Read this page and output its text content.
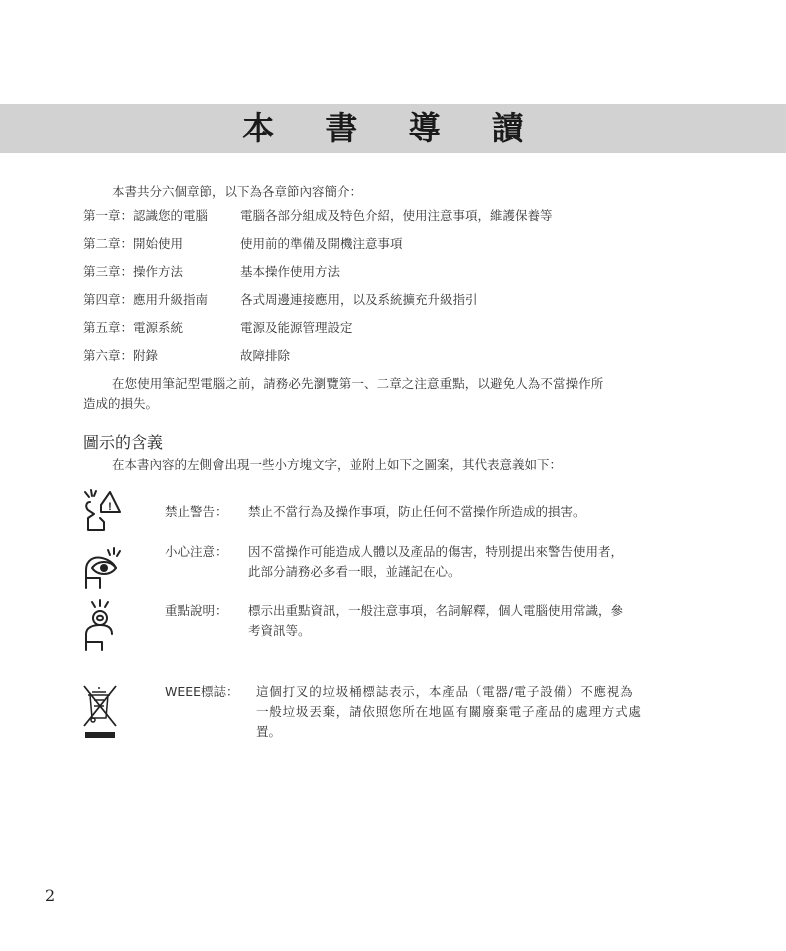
本 書 導 讀
本書共分六個章節，以下為各章節內容簡介：
第一章：認識您的電腦	電腦各部分組成及特色介紹，使用注意事項，維護保養等
第二章：開始使用	使用前的準備及開機注意事項
第三章：操作方法	基本操作使用方法
第四章：應用升級指南	各式周邊連接應用，以及系統擴充升級指引
第五章：電源系統	電源及能源管理設定
第六章：附錄	故障排除
在您使用筆記型電腦之前，請務必先瀏覽第一、二章之注意重點，以避免人為不當操作所
造成的損失。
圖示的含義
在本書內容的左側會出現一些小方塊文字，並附上如下之圖案，其代表意義如下：
!	禁止警告： 禁止不當行為及操作事項，防止任何不當操作所造成的損害。
小心注意： 因不當操作可能造成人體以及產品的傷害，特別提出來警告使用者，
此部分請務必多看一眼，並謹記在心。
重點說明： 標示出重點資訊，一般注意事項，名詞解釋，個人電腦使用常識，參
考資訊等。
WEEE標誌： 這個打叉的垃圾桶標誌表示，本產品（電器/電子設備）不應視為
一般垃圾丟棄，請依照您所在地區有關廢棄電子產品的處理方式處
置。
2
